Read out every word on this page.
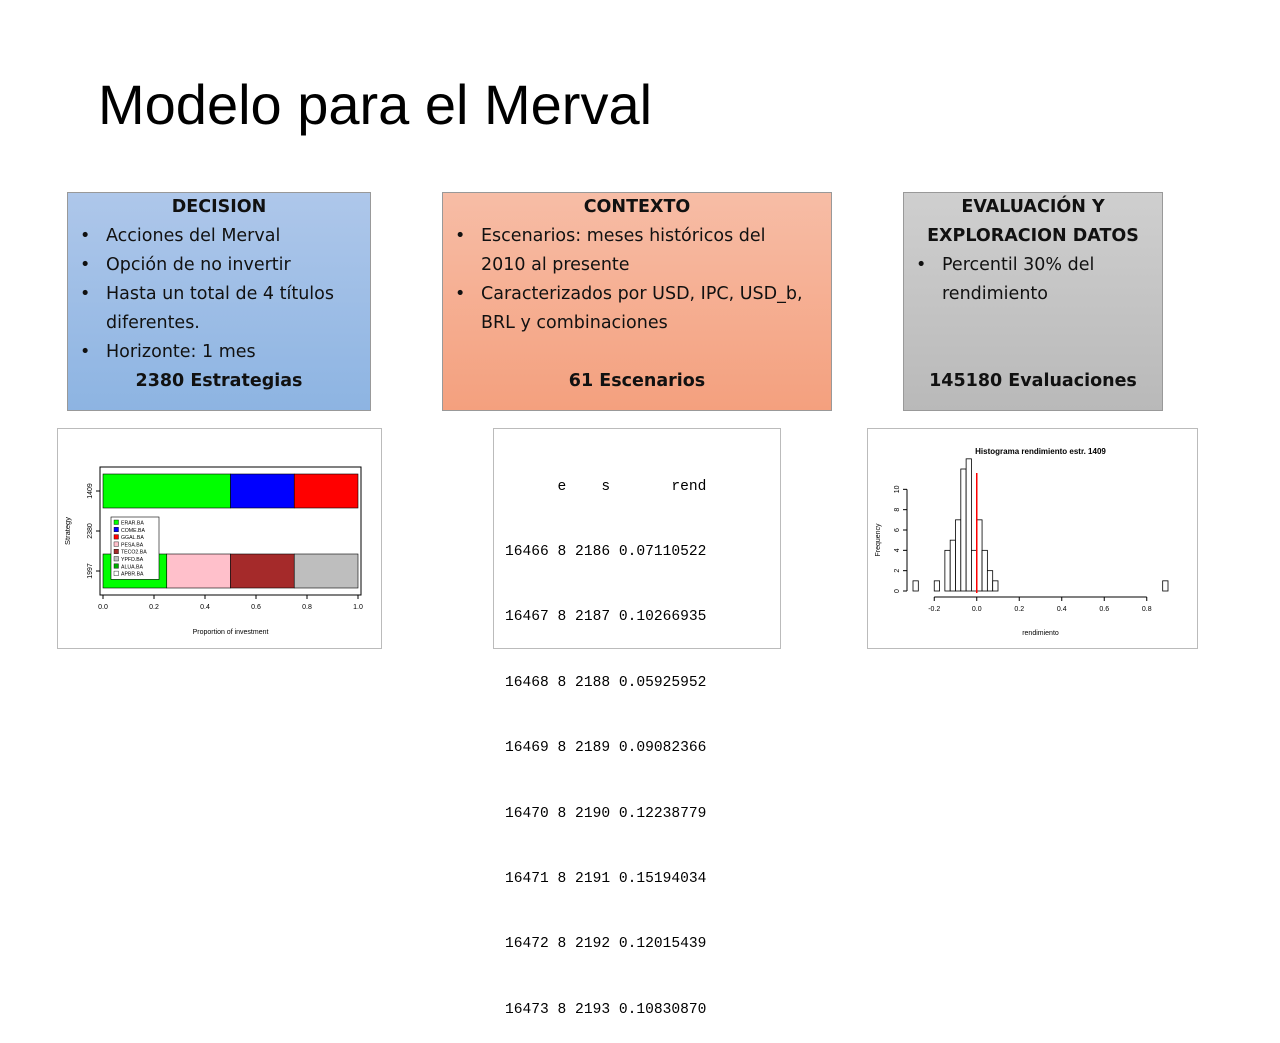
Modelo para el Merval
DECISION
• Acciones del Merval
• Opción de no invertir
• Hasta un total de 4 títulos diferentes.
• Horizonte: 1 mes
2380 Estrategias
CONTEXTO
• Escenarios: meses históricos del 2010 al presente
• Caracterizados por USD, IPC, USD_b, BRL y combinaciones
61 Escenarios
EVALUACIÓN Y
EXPLORACION DATOS
• Percentil 30% del rendimiento
145180 Evaluaciones
1997
2380
1409
ERAR.BA
COME.BA
GGAL.BA
PESA.BA
TECO2.BA
YPFD.BA
ALUA.BA
APBR.BA
0.0	0.2	0.4	0.6	0.8	1.0
Proportion of investment
Strategy

e    s       rend

16466 8 2186 0.07110522

16467 8 2187 0.10266935

16468 8 2188 0.05925952

16469 8 2189 0.09082366

16470 8 2190 0.12238779

16471 8 2191 0.15194034

16472 8 2192 0.12015439

16473 8 2193 0.10830870

Histograma rendimiento estr. 1409
-0.2	0.0	0.2	0.4	0.6	0.8
rendimiento
0
2
4
6
8
10
Frequency
